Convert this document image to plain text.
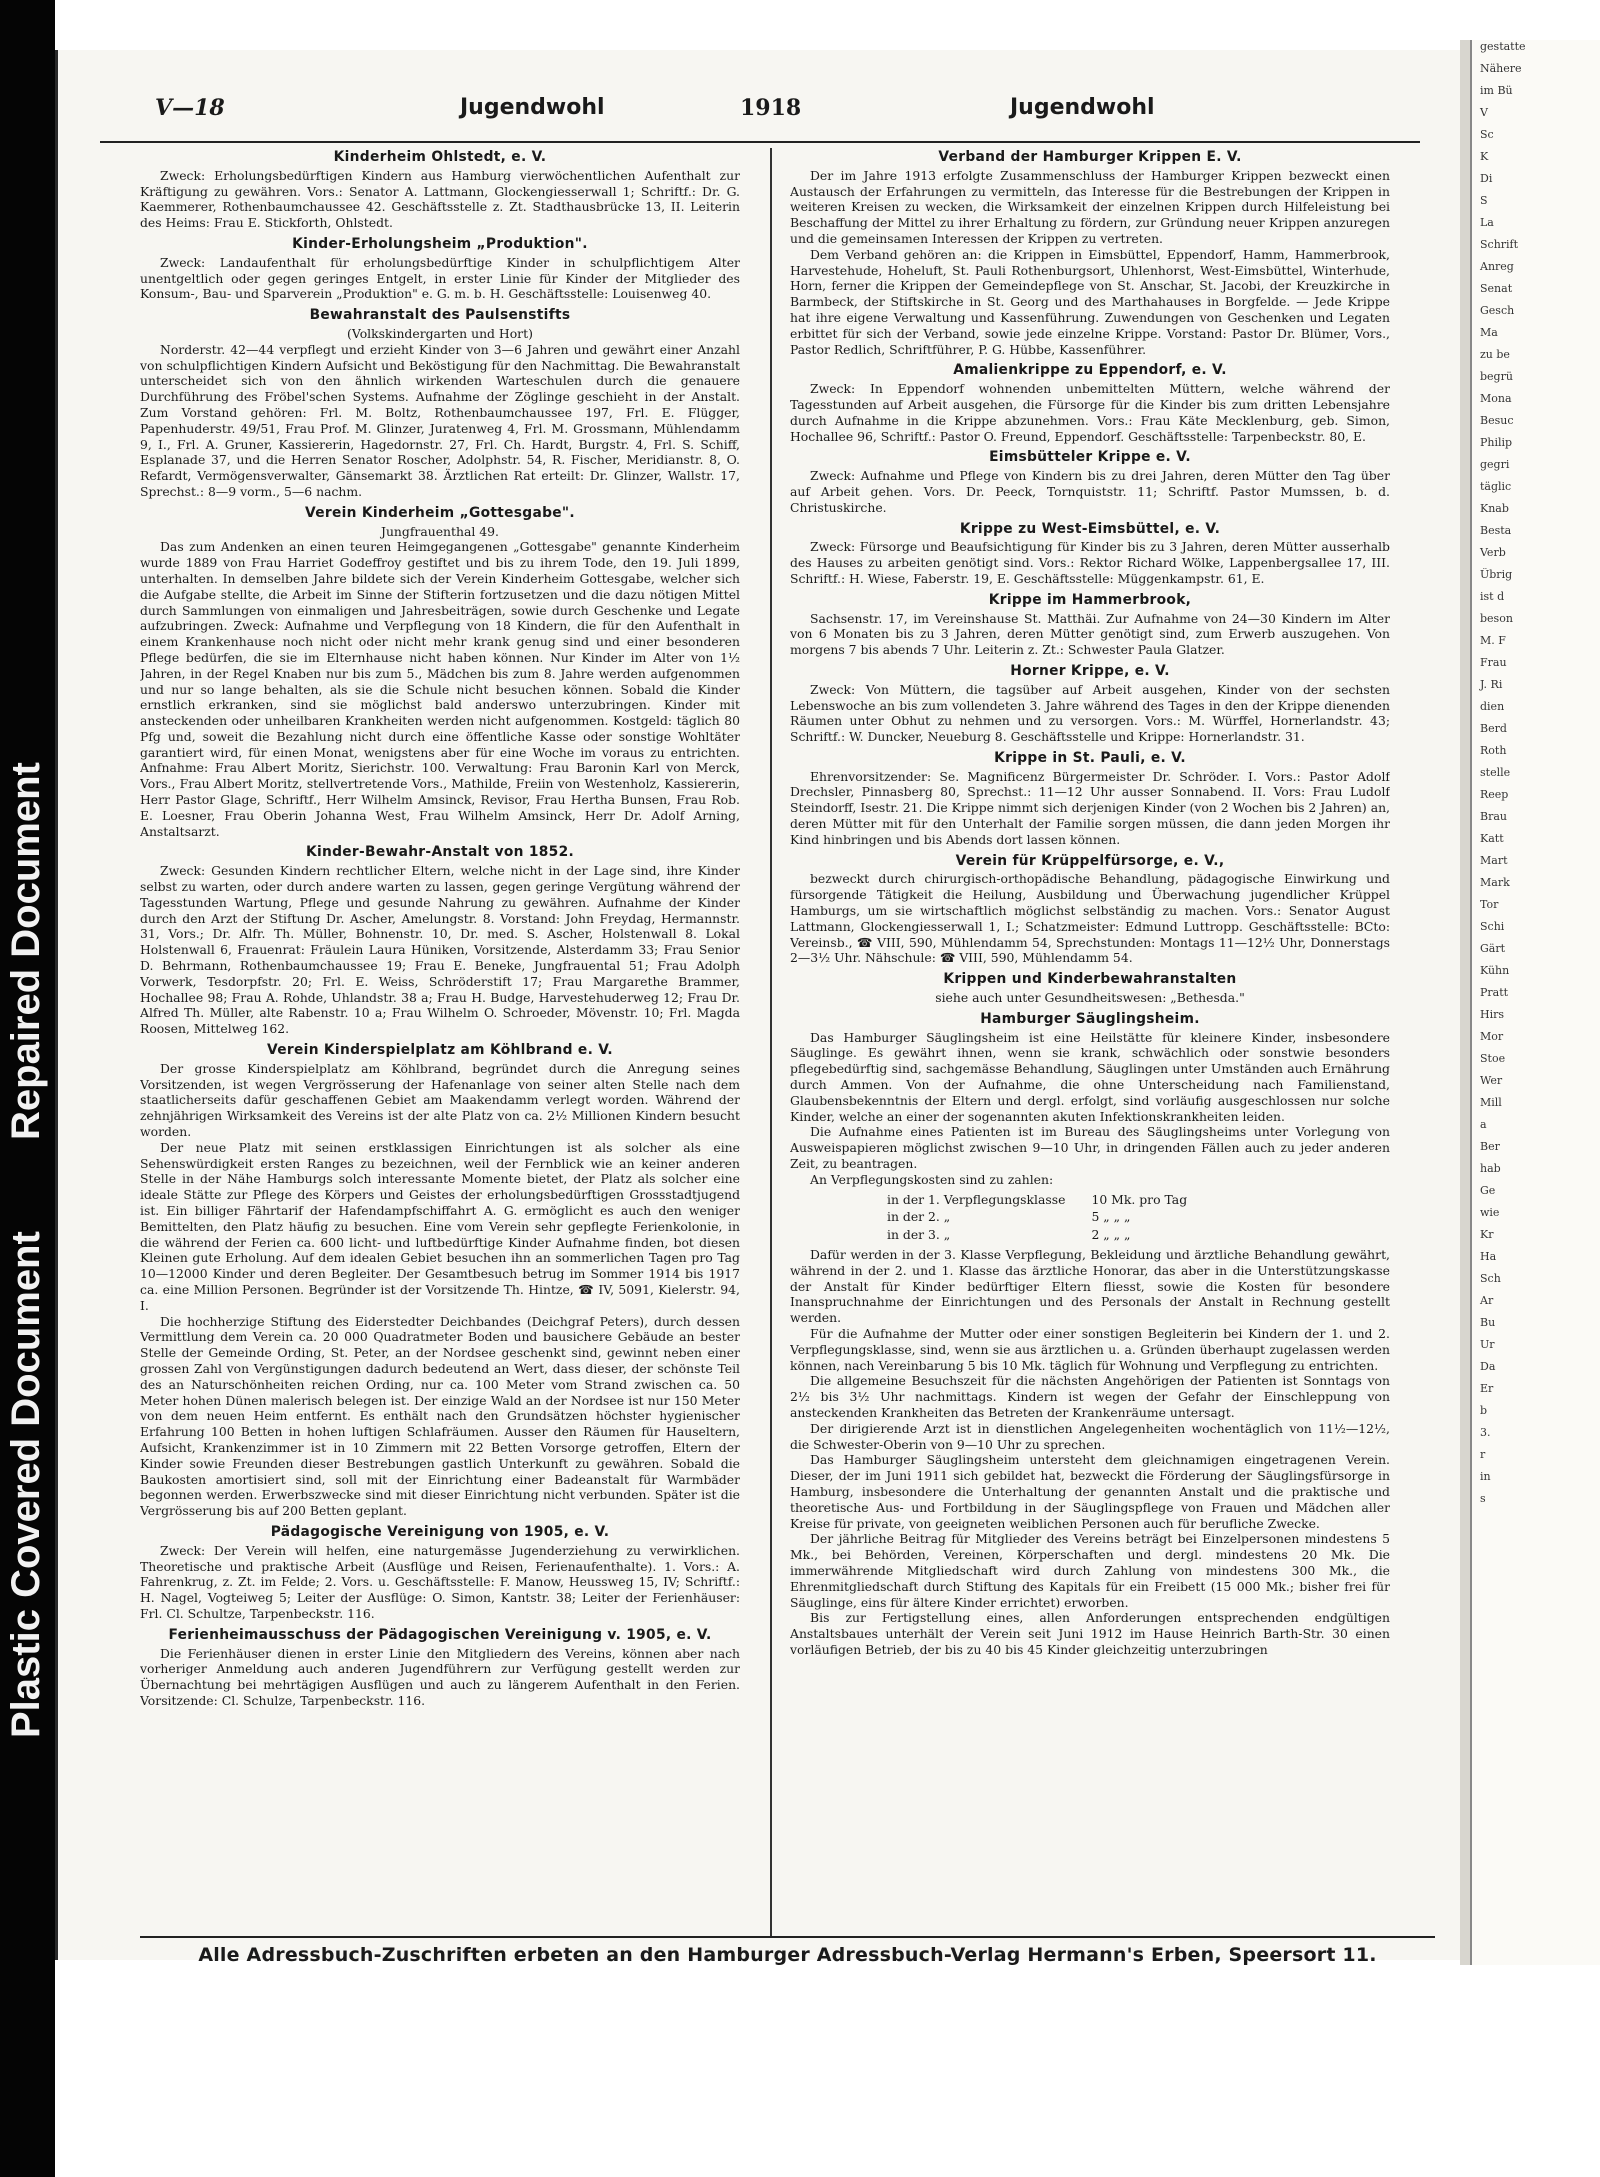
Plastic Covered Document
Repaired Document
gestatte
Nähere
im Bü
V
Sc
K
Di
S
La
Schrift
Anreg
Senat
Gesch
Ma
zu be
begrü
Mona
Besuc
Philip
gegri
täglic
Knab
Besta
Verb
Übrig
ist d
beson
M. F
Frau
J. Ri
dien
Berd
Roth
stelle
Reep
Brau
Katt
Mart
Mark
Tor
Schi
Gärt
Kühn
Pratt
Hirs
Mor
Stoe
Wer
Mill
a
Ber
hab
Ge
wie
Kr
Ha
Sch
Ar
Bu
Ur
Da
Er
b
3.
r
in
s
V—18	Jugendwohl	1918	Jugendwohl
Kinderheim Ohlstedt, e. V.

Zweck: Erholungsbedürftigen Kindern aus Hamburg vierwöchentlichen Aufenthalt zur Kräftigung zu gewähren. Vors.: Senator A. Lattmann, Glockengiesserwall 1; Schriftf.: Dr. G. Kaemmerer, Rothenbaumchaussee 42. Geschäftsstelle z. Zt. Stadthausbrücke 13, II. Leiterin des Heims: Frau E. Stickforth, Ohlstedt.

Kinder-Erholungsheim „Produktion".

Zweck: Landaufenthalt für erholungsbedürftige Kinder in schulpflichtigem Alter unentgeltlich oder gegen geringes Entgelt, in erster Linie für Kinder der Mitglieder des Konsum-, Bau- und Sparverein „Produktion" e. G. m. b. H. Geschäftsstelle: Louisenweg 40.

Bewahranstalt des Paulsenstifts
(Volkskindergarten und Hort)

Norderstr. 42—44 verpflegt und erzieht Kinder von 3—6 Jahren und gewährt einer Anzahl von schulpflichtigen Kindern Aufsicht und Beköstigung für den Nachmittag. Die Bewahranstalt unterscheidet sich von den ähnlich wirkenden Warteschulen durch die genauere Durchführung des Fröbel'schen Systems. Aufnahme der Zöglinge geschieht in der Anstalt. Zum Vorstand gehören: Frl. M. Boltz, Rothenbaumchaussee 197, Frl. E. Flügger, Papenhuderstr. 49/51, Frau Prof. M. Glinzer, Juratenweg 4, Frl. M. Grossmann, Mühlendamm 9, I., Frl. A. Gruner, Kassiererin, Hagedornstr. 27, Frl. Ch. Hardt, Burgstr. 4, Frl. S. Schiff, Esplanade 37, und die Herren Senator Roscher, Adolphstr. 54, R. Fischer, Meridianstr. 8, O. Refardt, Vermögensverwalter, Gänsemarkt 38. Ärztlichen Rat erteilt: Dr. Glinzer, Wallstr. 17, Sprechst.: 8—9 vorm., 5—6 nachm.

Verein Kinderheim „Gottesgabe".
Jungfrauenthal 49.

Das zum Andenken an einen teuren Heimgegangenen „Gottesgabe" genannte Kinderheim wurde 1889 von Frau Harriet Godeffroy gestiftet und bis zu ihrem Tode, den 19. Juli 1899, unterhalten. In demselben Jahre bildete sich der Verein Kinderheim Gottesgabe, welcher sich die Aufgabe stellte, die Arbeit im Sinne der Stifterin fortzusetzen und die dazu nötigen Mittel durch Sammlungen von einmaligen und Jahresbeiträgen, sowie durch Geschenke und Legate aufzubringen. Zweck: Aufnahme und Verpflegung von 18 Kindern, die für den Aufenthalt in einem Krankenhause noch nicht oder nicht mehr krank genug sind und einer besonderen Pflege bedürfen, die sie im Elternhause nicht haben können. Nur Kinder im Alter von 1½ Jahren, in der Regel Knaben nur bis zum 5., Mädchen bis zum 8. Jahre werden aufgenommen und nur so lange behalten, als sie die Schule nicht besuchen können. Sobald die Kinder ernstlich erkranken, sind sie möglichst bald anderswo unterzubringen. Kinder mit ansteckenden oder unheilbaren Krankheiten werden nicht aufgenommen. Kostgeld: täglich 80 Pfg und, soweit die Bezahlung nicht durch eine öffentliche Kasse oder sonstige Wohltäter garantiert wird, für einen Monat, wenigstens aber für eine Woche im voraus zu entrichten. Anfnahme: Frau Albert Moritz, Sierichstr. 100. Verwaltung: Frau Baronin Karl von Merck, Vors., Frau Albert Moritz, stellvertretende Vors., Mathilde, Freiin von Westenholz, Kassiererin, Herr Pastor Glage, Schriftf., Herr Wilhelm Amsinck, Revisor, Frau Hertha Bunsen, Frau Rob. E. Loesner, Frau Oberin Johanna West, Frau Wilhelm Amsinck, Herr Dr. Adolf Arning, Anstaltsarzt.

Kinder-Bewahr-Anstalt von 1852.

Zweck: Gesunden Kindern rechtlicher Eltern, welche nicht in der Lage sind, ihre Kinder selbst zu warten, oder durch andere warten zu lassen, gegen geringe Vergütung während der Tagesstunden Wartung, Pflege und gesunde Nahrung zu gewähren. Aufnahme der Kinder durch den Arzt der Stiftung Dr. Ascher, Amelungstr. 8. Vorstand: John Freydag, Hermannstr. 31, Vors.; Dr. Alfr. Th. Müller, Bohnenstr. 10, Dr. med. S. Ascher, Holstenwall 8. Lokal Holstenwall 6, Frauenrat: Fräulein Laura Hüniken, Vorsitzende, Alsterdamm 33; Frau Senior D. Behrmann, Rothenbaumchaussee 19; Frau E. Beneke, Jungfrauental 51; Frau Adolph Vorwerk, Tesdorpfstr. 20; Frl. E. Weiss, Schröderstift 17; Frau Margarethe Brammer, Hochallee 98; Frau A. Rohde, Uhlandstr. 38 a; Frau H. Budge, Harvestehuderweg 12; Frau Dr. Alfred Th. Müller, alte Rabenstr. 10 a; Frau Wilhelm O. Schroeder, Mövenstr. 10; Frl. Magda Roosen, Mittelweg 162.

Verein Kinderspielplatz am Köhlbrand e. V.

Der grosse Kinderspielplatz am Köhlbrand, begründet durch die Anregung seines Vorsitzenden, ist wegen Vergrösserung der Hafenanlage von seiner alten Stelle nach dem staatlicherseits dafür geschaffenen Gebiet am Maakendamm verlegt worden. Während der zehnjährigen Wirksamkeit des Vereins ist der alte Platz von ca. 2½ Millionen Kindern besucht worden.

Der neue Platz mit seinen erstklassigen Einrichtungen ist als solcher als eine Sehenswürdigkeit ersten Ranges zu bezeichnen, weil der Fernblick wie an keiner anderen Stelle in der Nähe Hamburgs solch interessante Momente bietet, der Platz als solcher eine ideale Stätte zur Pflege des Körpers und Geistes der erholungsbedürftigen Grossstadtjugend ist. Ein billiger Fährtarif der Hafendampfschiffahrt A. G. ermöglicht es auch den weniger Bemittelten, den Platz häufig zu besuchen. Eine vom Verein sehr gepflegte Ferienkolonie, in die während der Ferien ca. 600 licht- und luftbedürftige Kinder Aufnahme finden, bot diesen Kleinen gute Erholung. Auf dem idealen Gebiet besuchen ihn an sommerlichen Tagen pro Tag 10—12000 Kinder und deren Begleiter. Der Gesamtbesuch betrug im Sommer 1914 bis 1917 ca. eine Million Personen. Begründer ist der Vorsitzende Th. Hintze, ☎ IV, 5091, Kielerstr. 94, I.

Die hochherzige Stiftung des Eiderstedter Deichbandes (Deichgraf Peters), durch dessen Vermittlung dem Verein ca. 20 000 Quadratmeter Boden und bausichere Gebäude an bester Stelle der Gemeinde Ording, St. Peter, an der Nordsee geschenkt sind, gewinnt neben einer grossen Zahl von Vergünstigungen dadurch bedeutend an Wert, dass dieser, der schönste Teil des an Naturschönheiten reichen Ording, nur ca. 100 Meter vom Strand zwischen ca. 50 Meter hohen Dünen malerisch belegen ist. Der einzige Wald an der Nordsee ist nur 150 Meter von dem neuen Heim entfernt. Es enthält nach den Grundsätzen höchster hygienischer Erfahrung 100 Betten in hohen luftigen Schlafräumen. Ausser den Räumen für Hauseltern, Aufsicht, Krankenzimmer ist in 10 Zimmern mit 22 Betten Vorsorge getroffen, Eltern der Kinder sowie Freunden dieser Bestrebungen gastlich Unterkunft zu gewähren. Sobald die Baukosten amortisiert sind, soll mit der Einrichtung einer Badeanstalt für Warmbäder begonnen werden. Erwerbszwecke sind mit dieser Einrichtung nicht verbunden. Später ist die Vergrösserung bis auf 200 Betten geplant.

Pädagogische Vereinigung von 1905, e. V.

Zweck: Der Verein will helfen, eine naturgemässe Jugenderziehung zu verwirklichen. Theoretische und praktische Arbeit (Ausflüge und Reisen, Ferienaufenthalte). 1. Vors.: A. Fahrenkrug, z. Zt. im Felde; 2. Vors. u. Geschäftsstelle: F. Manow, Heussweg 15, IV; Schriftf.: H. Nagel, Vogteiweg 5; Leiter der Ausflüge: O. Simon, Kantstr. 38; Leiter der Ferienhäuser: Frl. Cl. Schultze, Tarpenbeckstr. 116.

Ferienheimausschuss der Pädagogischen Vereinigung v. 1905, e. V.

Die Ferienhäuser dienen in erster Linie den Mitgliedern des Vereins, können aber nach vorheriger Anmeldung auch anderen Jugendführern zur Verfügung gestellt werden zur Übernachtung bei mehrtägigen Ausflügen und auch zu längerem Aufenthalt in den Ferien. Vorsitzende: Cl. Schulze, Tarpenbeckstr. 116.

Verband der Hamburger Krippen E. V.

Der im Jahre 1913 erfolgte Zusammenschluss der Hamburger Krippen bezweckt einen Austausch der Erfahrungen zu vermitteln, das Interesse für die Bestrebungen der Krippen in weiteren Kreisen zu wecken, die Wirksamkeit der einzelnen Krippen durch Hilfeleistung bei Beschaffung der Mittel zu ihrer Erhaltung zu fördern, zur Gründung neuer Krippen anzuregen und die gemeinsamen Interessen der Krippen zu vertreten.

Dem Verband gehören an: die Krippen in Eimsbüttel, Eppendorf, Hamm, Hammerbrook, Harvestehude, Hoheluft, St. Pauli Rothenburgsort, Uhlenhorst, West-Eimsbüttel, Winterhude, Horn, ferner die Krippen der Gemeindepflege von St. Anschar, St. Jacobi, der Kreuzkirche in Barmbeck, der Stiftskirche in St. Georg und des Marthahauses in Borgfelde. — Jede Krippe hat ihre eigene Verwaltung und Kassenführung. Zuwendungen von Geschenken und Legaten erbittet für sich der Verband, sowie jede einzelne Krippe. Vorstand: Pastor Dr. Blümer, Vors., Pastor Redlich, Schriftführer, P. G. Hübbe, Kassenführer.

Amalienkrippe zu Eppendorf, e. V.

Zweck: In Eppendorf wohnenden unbemittelten Müttern, welche während der Tagesstunden auf Arbeit ausgehen, die Fürsorge für die Kinder bis zum dritten Lebensjahre durch Aufnahme in die Krippe abzunehmen. Vors.: Frau Käte Mecklenburg, geb. Simon, Hochallee 96, Schriftf.: Pastor O. Freund, Eppendorf. Geschäftsstelle: Tarpenbeckstr. 80, E.

Eimsbütteler Krippe e. V.

Zweck: Aufnahme und Pflege von Kindern bis zu drei Jahren, deren Mütter den Tag über auf Arbeit gehen. Vors. Dr. Peeck, Tornquiststr. 11; Schriftf. Pastor Mumssen, b. d. Christuskirche.

Krippe zu West-Eimsbüttel, e. V.

Zweck: Fürsorge und Beaufsichtigung für Kinder bis zu 3 Jahren, deren Mütter ausserhalb des Hauses zu arbeiten genötigt sind. Vors.: Rektor Richard Wölke, Lappenbergsallee 17, III. Schriftf.: H. Wiese, Faberstr. 19, E. Geschäftsstelle: Müggenkampstr. 61, E.

Krippe im Hammerbrook,

Sachsenstr. 17, im Vereinshause St. Matthäi. Zur Aufnahme von 24—30 Kindern im Alter von 6 Monaten bis zu 3 Jahren, deren Mütter genötigt sind, zum Erwerb auszugehen. Von morgens 7 bis abends 7 Uhr. Leiterin z. Zt.: Schwester Paula Glatzer.

Horner Krippe, e. V.

Zweck: Von Müttern, die tagsüber auf Arbeit ausgehen, Kinder von der sechsten Lebenswoche an bis zum vollendeten 3. Jahre während des Tages in den der Krippe dienenden Räumen unter Obhut zu nehmen und zu versorgen. Vors.: M. Würffel, Hornerlandstr. 43; Schriftf.: W. Duncker, Neueburg 8. Geschäftsstelle und Krippe: Hornerlandstr. 31.

Krippe in St. Pauli, e. V.

Ehrenvorsitzender: Se. Magnificenz Bürgermeister Dr. Schröder. I. Vors.: Pastor Adolf Drechsler, Pinnasberg 80, Sprechst.: 11—12 Uhr ausser Sonnabend. II. Vors: Frau Ludolf Steindorff, Isestr. 21. Die Krippe nimmt sich derjenigen Kinder (von 2 Wochen bis 2 Jahren) an, deren Mütter mit für den Unterhalt der Familie sorgen müssen, die dann jeden Morgen ihr Kind hinbringen und bis Abends dort lassen können.

Verein für Krüppelfürsorge, e. V.,

bezweckt durch chirurgisch-orthopädische Behandlung, pädagogische Einwirkung und fürsorgende Tätigkeit die Heilung, Ausbildung und Überwachung jugendlicher Krüppel Hamburgs, um sie wirtschaftlich möglichst selbständig zu machen. Vors.: Senator August Lattmann, Glockengiesserwall 1, I.; Schatzmeister: Edmund Luttropp. Geschäftsstelle: BCto: Vereinsb., ☎ VIII, 590, Mühlendamm 54, Sprechstunden: Montags 11—12½ Uhr, Donnerstags 2—3½ Uhr. Nähschule: ☎ VIII, 590, Mühlendamm 54.

Krippen und Kinderbewahranstalten
siehe auch unter Gesundheitswesen: „Bethesda."
Hamburger Säuglingsheim.

Das Hamburger Säuglingsheim ist eine Heilstätte für kleinere Kinder, insbesondere Säuglinge. Es gewährt ihnen, wenn sie krank, schwächlich oder sonstwie besonders pflegebedürftig sind, sachgemässe Behandlung, Säuglingen unter Umständen auch Ernährung durch Ammen. Von der Aufnahme, die ohne Unterscheidung nach Familienstand, Glaubensbekenntnis der Eltern und dergl. erfolgt, sind vorläufig ausgeschlossen nur solche Kinder, welche an einer der sogenannten akuten Infektionskrankheiten leiden.

Die Aufnahme eines Patienten ist im Bureau des Säuglingsheims unter Vorlegung von Ausweispapieren möglichst zwischen 9—10 Uhr, in dringenden Fällen auch zu jeder anderen Zeit, zu beantragen.

An Verpflegungskosten sind zu zahlen:

in der 1. Verpflegungsklasse	10 Mk. pro Tag
in der 2. „	5 „ „ „
in der 3. „	2 „ „ „

Dafür werden in der 3. Klasse Verpflegung, Bekleidung und ärztliche Behandlung gewährt, während in der 2. und 1. Klasse das ärztliche Honorar, das aber in die Unterstützungskasse der Anstalt für Kinder bedürftiger Eltern fliesst, sowie die Kosten für besondere Inanspruchnahme der Einrichtungen und des Personals der Anstalt in Rechnung gestellt werden.

Für die Aufnahme der Mutter oder einer sonstigen Begleiterin bei Kindern der 1. und 2. Verpflegungsklasse, sind, wenn sie aus ärztlichen u. a. Gründen überhaupt zugelassen werden können, nach Vereinbarung 5 bis 10 Mk. täglich für Wohnung und Verpflegung zu entrichten.

Die allgemeine Besuchszeit für die nächsten Angehörigen der Patienten ist Sonntags von 2½ bis 3½ Uhr nachmittags. Kindern ist wegen der Gefahr der Einschleppung von ansteckenden Krankheiten das Betreten der Krankenräume untersagt.

Der dirigierende Arzt ist in dienstlichen Angelegenheiten wochentäglich von 11½—12½, die Schwester-Oberin von 9—10 Uhr zu sprechen.

Das Hamburger Säuglingsheim untersteht dem gleichnamigen eingetragenen Verein. Dieser, der im Juni 1911 sich gebildet hat, bezweckt die Förderung der Säuglingsfürsorge in Hamburg, insbesondere die Unterhaltung der genannten Anstalt und die praktische und theoretische Aus- und Fortbildung in der Säuglingspflege von Frauen und Mädchen aller Kreise für private, von geeigneten weiblichen Personen auch für berufliche Zwecke.

Der jährliche Beitrag für Mitglieder des Vereins beträgt bei Einzelpersonen mindestens 5 Mk., bei Behörden, Vereinen, Körperschaften und dergl. mindestens 20 Mk. Die immerwährende Mitgliedschaft wird durch Zahlung von mindestens 300 Mk., die Ehrenmitgliedschaft durch Stiftung des Kapitals für ein Freibett (15 000 Mk.; bisher frei für Säuglinge, eins für ältere Kinder errichtet) erworben.

Bis zur Fertigstellung eines, allen Anforderungen entsprechenden endgültigen Anstaltsbaues unterhält der Verein seit Juni 1912 im Hause Heinrich Barth-Str. 30 einen vorläufigen Betrieb, der bis zu 40 bis 45 Kinder gleichzeitig unterzubringen

Alle Adressbuch-Zuschriften erbeten an den Hamburger Adressbuch-Verlag Hermann's Erben, Speersort 11.
